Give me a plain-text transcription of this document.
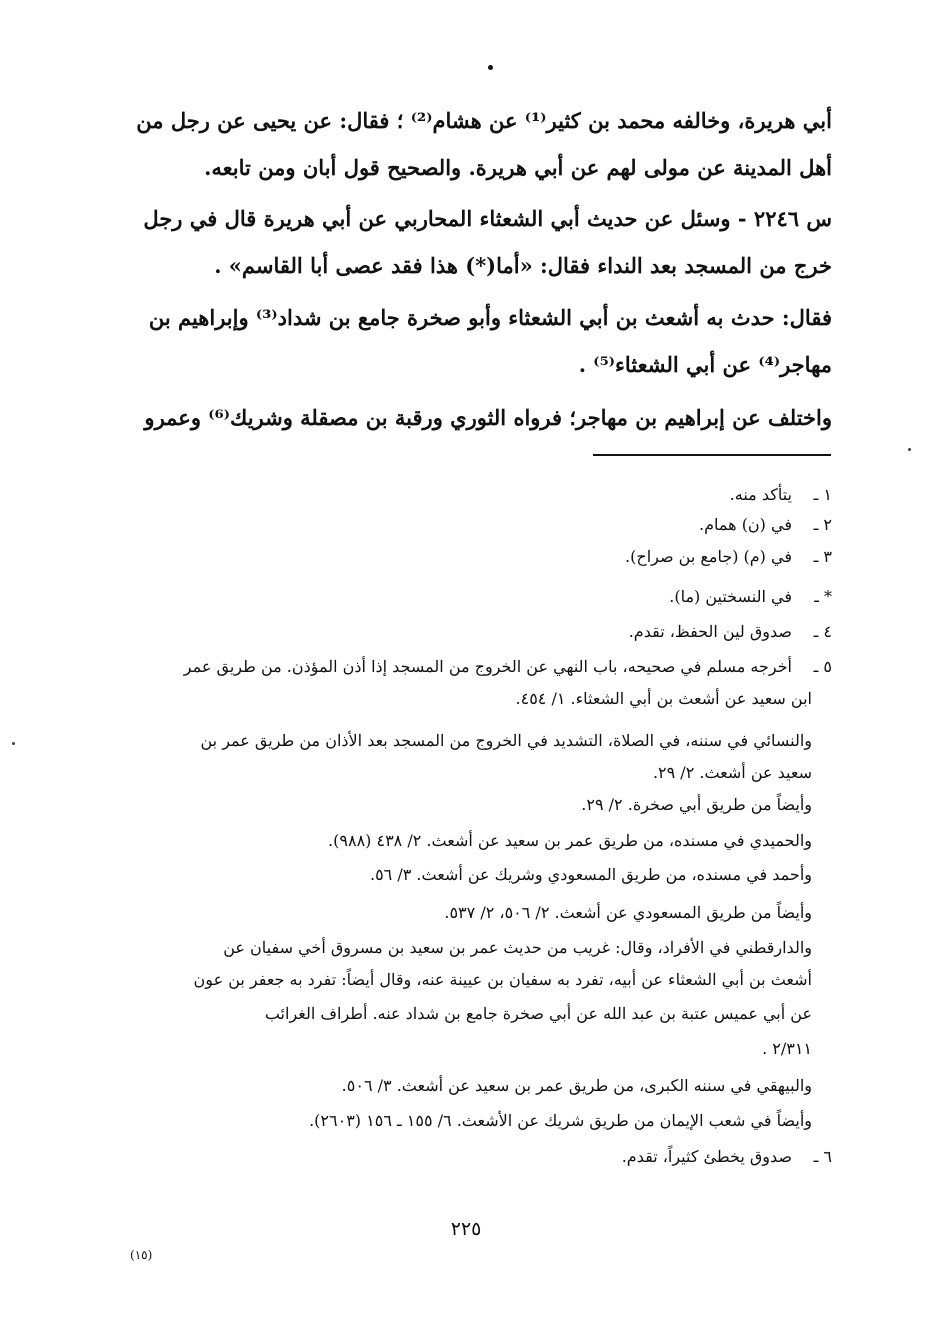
أبي هريرة، وخالفه محمد بن كثير⁽¹⁾ عن هشام⁽²⁾ ؛ فقال: عن يحيى عن رجل من
أهل المدينة عن مولى لهم عن أبي هريرة. والصحيح قول أبان ومن تابعه.
س ٢٢٤٦ - وسئل عن حديث أبي الشعثاء المحاربي عن أبي هريرة قال في رجل
خرج من المسجد بعد النداء فقال: «أما(*) هذا فقد عصى أبا القاسم» .
فقال: حدث به أشعث بن أبي الشعثاء وأبو صخرة جامع بن شداد⁽³⁾ وإبراهيم بن
مهاجر⁽⁴⁾ عن أبي الشعثاء⁽⁵⁾ .
واختلف عن إبراهيم بن مهاجر؛ فرواه الثوري ورقبة بن مصقلة وشريك⁽⁶⁾ وعمرو
١ ـيتأكد منه.
٢ ـفي (ن) همام.
٣ ـفي (م) (جامع بن صراح).
* ـفي النسختين (ما).
٤ ـصدوق لين الحفظ، تقدم.
٥ ـأخرجه مسلم في صحيحه، باب النهي عن الخروج من المسجد إذا أذن المؤذن. من طريق عمر
ابن سعيد عن أشعث بن أبي الشعثاء. ١/ ٤٥٤.
والنسائي في سننه، في الصلاة، التشديد في الخروج من المسجد بعد الأذان من طريق عمر بن
سعيد عن أشعث. ٢/ ٢٩.
وأيضاً من طريق أبي صخرة. ٢/ ٢٩.
والحميدي في مسنده، من طريق عمر بن سعيد عن أشعث. ٢/ ٤٣٨ (٩٨٨).
وأحمد في مسنده، من طريق المسعودي وشريك عن أشعث. ٣/ ٥٦.
وأيضاً من طريق المسعودي عن أشعث. ٢/ ٥٠٦، ٢/ ٥٣٧.
والدارقطني في الأفراد، وقال: غريب من حديث عمر بن سعيد بن مسروق أخي سفيان عن
أشعث بن أبي الشعثاء عن أبيه، تفرد به سفيان بن عيينة عنه، وقال أيضاً: تفرد به جعفر بن عون
عن أبي عميس عتبة بن عبد الله عن أبي صخرة جامع بن شداد عنه. أطراف الغرائب
٢/٣١١ .
والبيهقي في سننه الكبرى، من طريق عمر بن سعيد عن أشعث. ٣/ ٥٠٦.
وأيضاً في شعب الإيمان من طريق شريك عن الأشعث. ٦/ ١٥٥ ـ ١٥٦ (٢٦٠٣).
٦ ـصدوق يخطئ كثيراً، تقدم.
٢٢٥
(١٥)
